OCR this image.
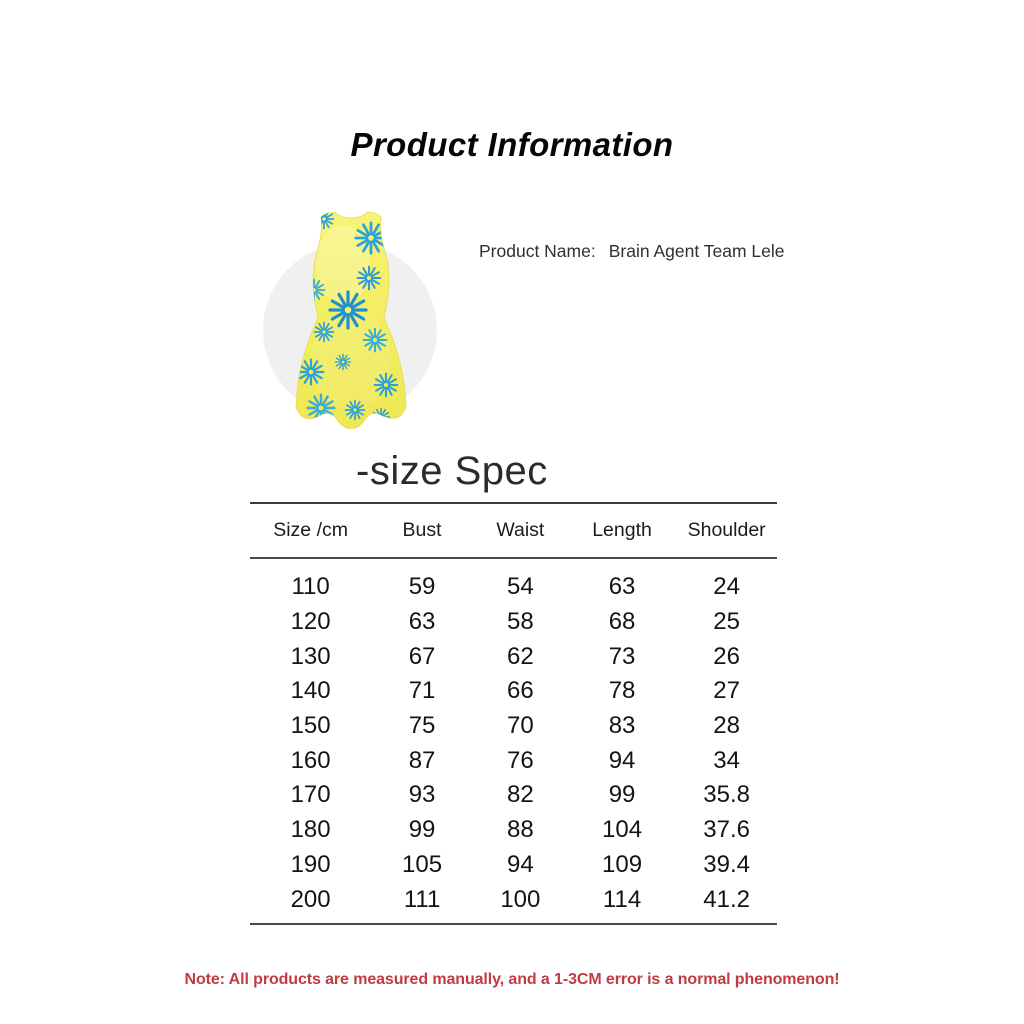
Product Information
Product Name: Brain Agent Team Lele
-size Spec
Size /cm	Bust	Waist	Length	Shoulder
110	59	54	63	24
120	63	58	68	25
130	67	62	73	26
140	71	66	78	27
150	75	70	83	28
160	87	76	94	34
170	93	82	99	35.8
180	99	88	104	37.6
190	105	94	109	39.4
200	111	100	114	41.2
Note: All products are measured manually, and a 1-3CM error is a normal phenomenon!
